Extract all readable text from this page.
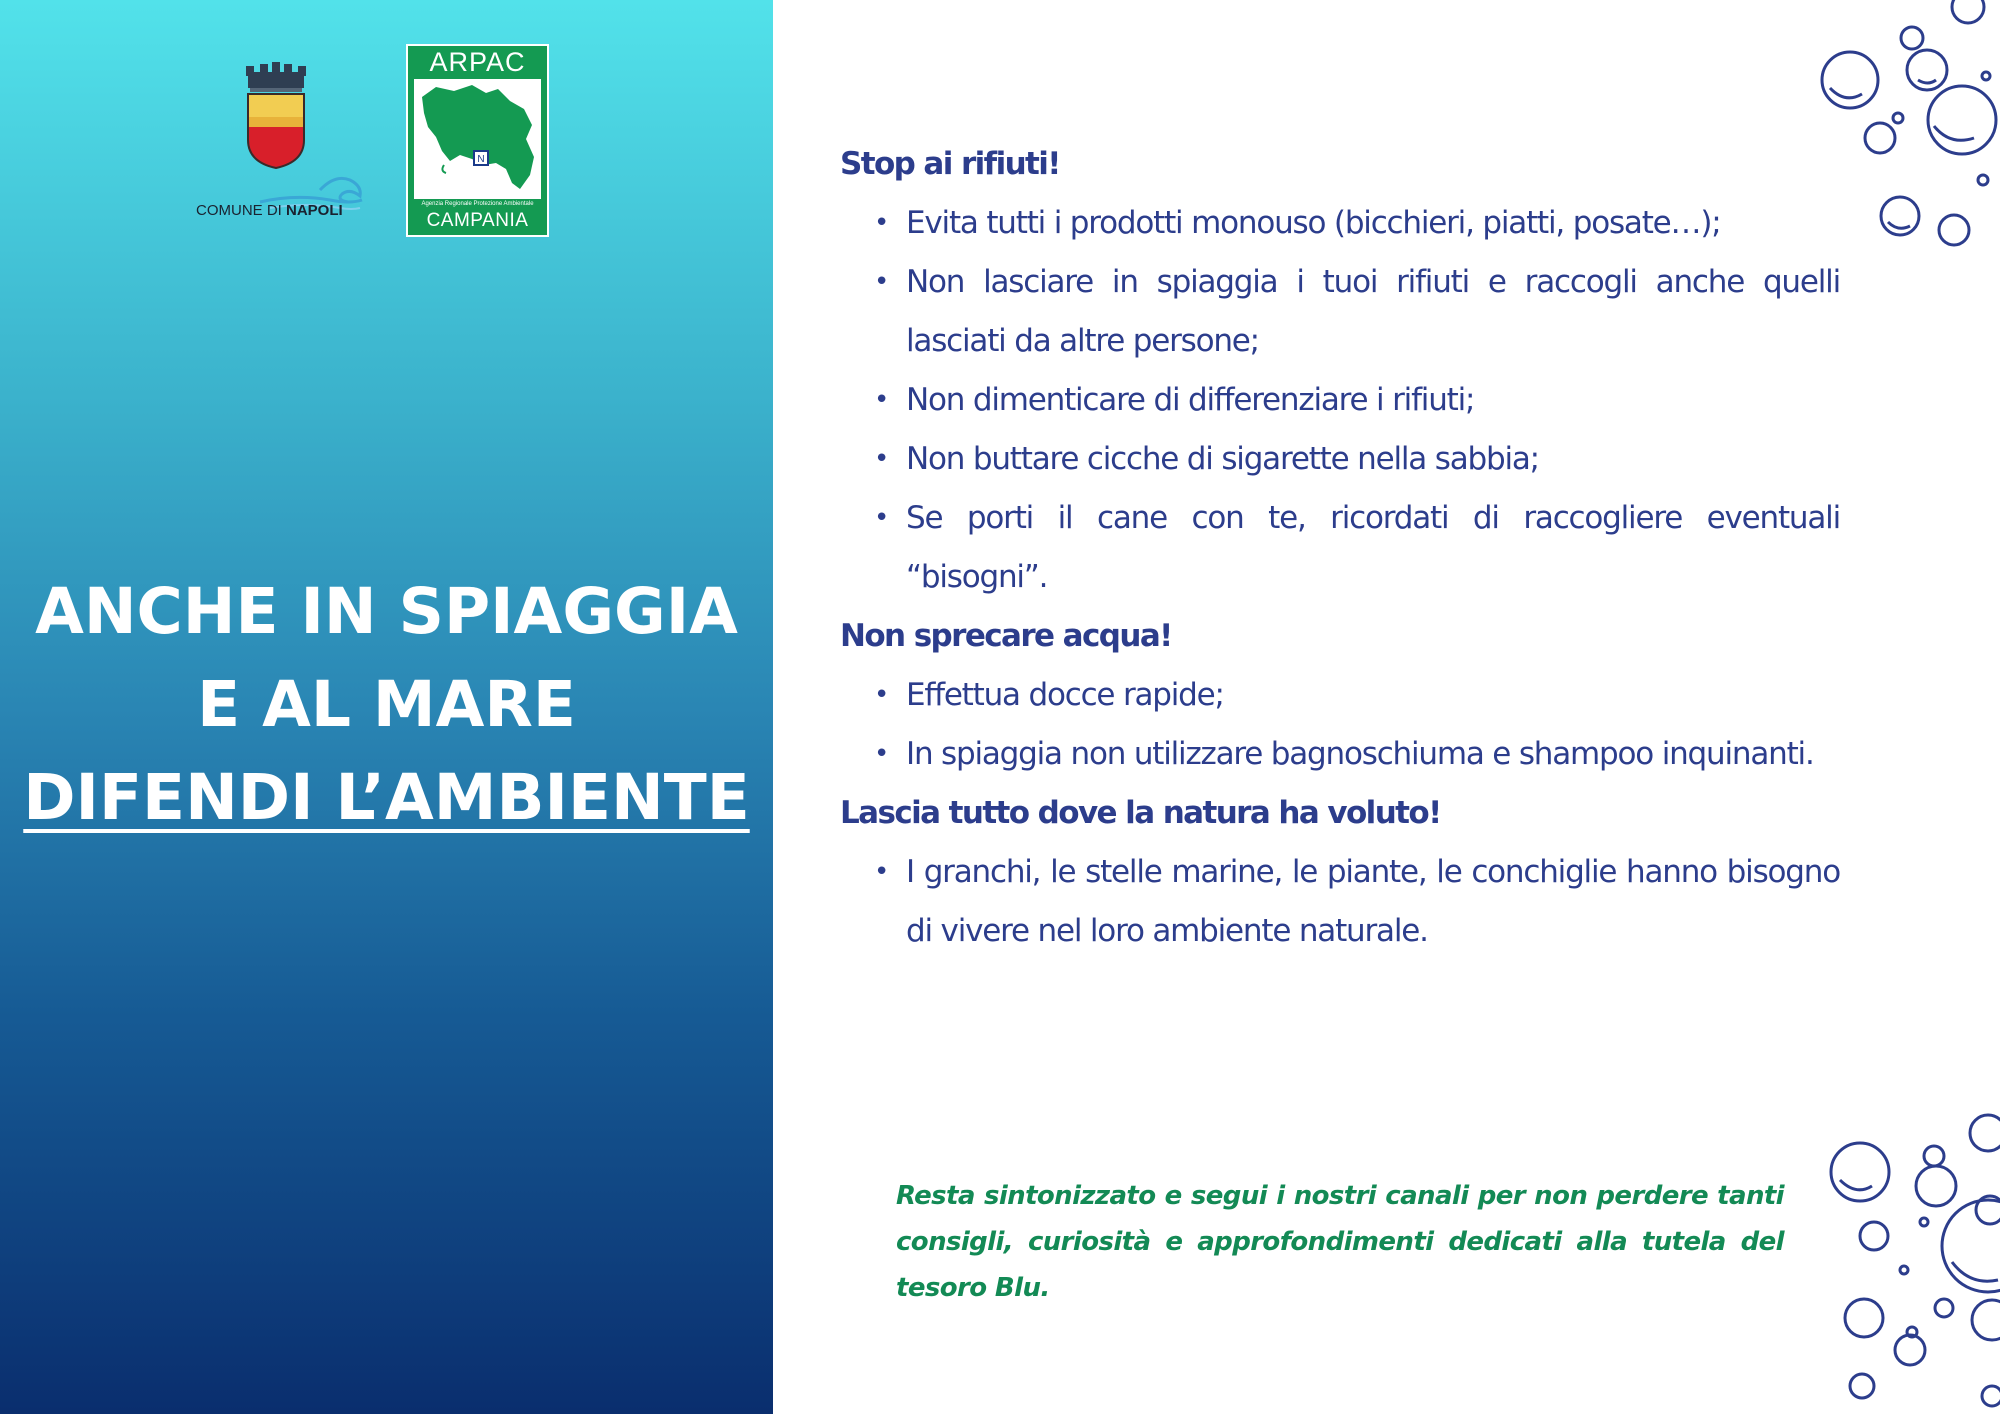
COMUNE DI NAPOLI
ARPAC
N
Agenzia Regionale Protezione Ambientale
CAMPANIA
ANCHE IN SPIAGGIA
E AL MARE
DIFENDI L’AMBIENTE
Stop ai rifiuti!
• Evita tutti i prodotti monouso (bicchieri, piatti, posate…);
• Non lasciare in spiaggia i tuoi rifiuti e raccogli anche quelli lasciati da altre persone;
• Non dimenticare di differenziare i rifiuti;
• Non buttare cicche di sigarette nella sabbia;
• Se porti il cane con te, ricordati di raccogliere eventuali “bisogni”.
Non sprecare acqua!
• Effettua docce rapide;
• In spiaggia non utilizzare bagnoschiuma e shampoo inquinanti.
Lascia tutto dove la natura ha voluto!
• I granchi, le stelle marine, le piante, le conchiglie hanno bisogno di vivere nel loro ambiente naturale.
Resta sintonizzato e segui i nostri canali per non perdere tanti consigli, curiosità e approfondimenti dedicati alla tutela del tesoro Blu.
